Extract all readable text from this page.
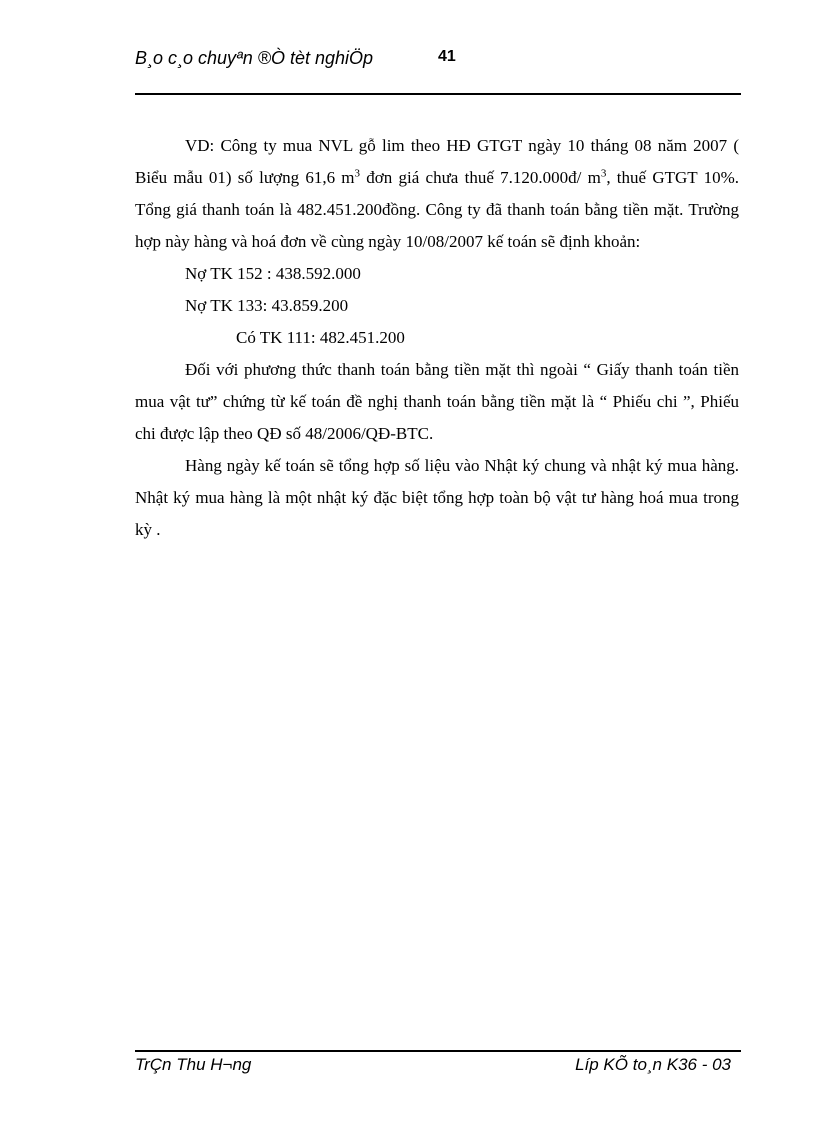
B¸o c¸o chuyªn ®Ò tèt nghiÖp	41

VD: Công ty mua NVL gỗ lim theo HĐ GTGT ngày 10 tháng 08 năm 2007 ( Biểu mẫu 01) số lượng 61,6 $m^3$ đơn giá chưa thuế 7.120.000đ/ $m^3$, thuế GTGT 10%. Tổng giá thanh toán là 482.451.200đồng. Công ty đã thanh toán bằng tiền mặt. Trường hợp này hàng và hoá đơn về cùng ngày 10/08/2007 kế toán sẽ định khoản:

Nợ TK 152 : 438.592.000

Nợ TK 133: 43.859.200

Có TK 111: 482.451.200

Đối với phương thức thanh toán bằng tiền mặt thì ngoài “ Giấy thanh toán tiền mua vật tư” chứng từ kế toán đề nghị thanh toán bằng tiền mặt là “ Phiếu chi ”, Phiếu chi được lập theo QĐ số 48/2006/QĐ-BTC.

Hàng ngày kế toán sẽ tổng hợp số liệu vào Nhật ký chung và nhật ký mua hàng. Nhật ký mua hàng là một nhật ký đặc biệt tổng hợp toàn bộ vật tư hàng hoá mua trong kỳ .

TrÇn Thu H¬ng	Líp KÕ to¸n K36 - 03
